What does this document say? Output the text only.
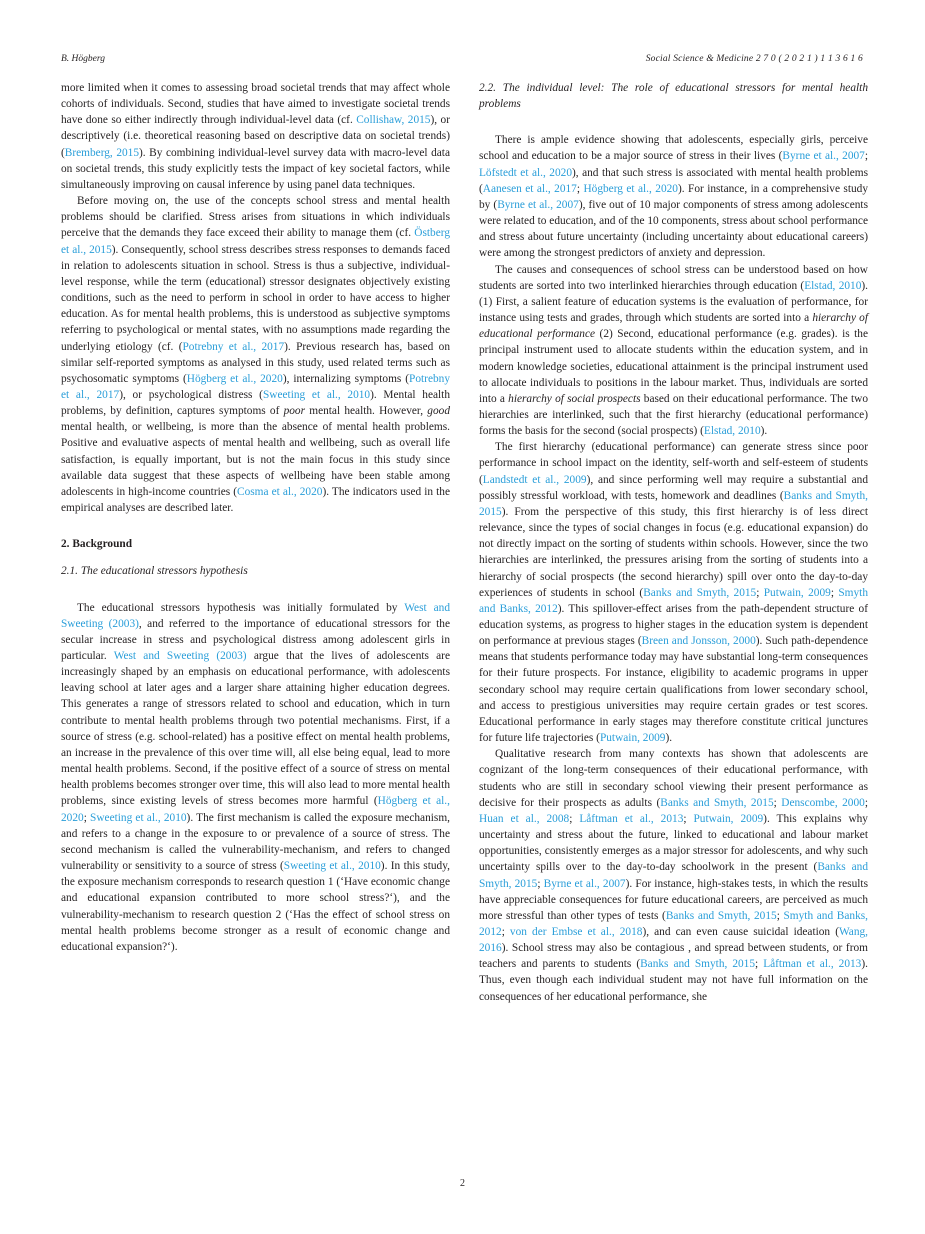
B. Högberg	Social Science & Medicine 2 7 0 ( 2 0 2 1 ) 1 1 3 6 1 6

more limited when it comes to assessing broad societal trends that may affect whole cohorts of individuals. Second, studies that have aimed to investigate societal trends have done so either indirectly through individual-level data (cf. Collishaw, 2015), or descriptively (i.e. theoretical reasoning based on descriptive data on societal trends) (Bremberg, 2015). By combining individual-level survey data with macro-level data on societal trends, this study explicitly tests the impact of key societal factors, while simultaneously improving on causal inference by using panel data techniques.

Before moving on, the use of the concepts school stress and mental health problems should be clarified. Stress arises from situations in which individuals perceive that the demands they face exceed their ability to manage them (cf. Östberg et al., 2015). Consequently, school stress describes stress responses to demands faced in relation to adolescents situation in school. Stress is thus a subjective, individual-level response, while the term (educational) stressor designates objectively existing conditions, such as the need to perform in school in order to have access to higher education. As for mental health problems, this is understood as subjective symptoms referring to psychological or mental states, with no assumptions made regarding the underlying etiology (cf. (Potrebny et al., 2017). Previous research has, based on similar self-reported symptoms as analysed in this study, used related terms such as psychosomatic symptoms (Högberg et al., 2020), internalizing symptoms (Potrebny et al., 2017), or psychological distress (Sweeting et al., 2010). Mental health problems, by definition, captures symptoms of poor mental health. However, good mental health, or wellbeing, is more than the absence of mental health problems. Positive and evaluative aspects of mental health and wellbeing, such as overall life satisfaction, is equally important, but is not the main focus in this study since available data suggest that these aspects of wellbeing have been stable among adolescents in high-income countries (Cosma et al., 2020). The indicators used in the empirical analyses are described later.

2. Background
2.1. The educational stressors hypothesis

The educational stressors hypothesis was initially formulated by West and Sweeting (2003), and referred to the importance of educational stressors for the secular increase in stress and psychological distress among adolescent girls in particular. West and Sweeting (2003) argue that the lives of adolescents are increasingly shaped by an emphasis on educational performance, with adolescents leaving school at later ages and a larger share attaining higher education degrees. This generates a range of stressors related to school and education, which in turn contribute to mental health problems through two potential mechanisms. First, if a source of stress (e.g. school-related) has a positive effect on mental health problems, an increase in the prevalence of this over time will, all else being equal, lead to more mental health problems. Second, if the positive effect of a source of stress on mental health problems becomes stronger over time, this will also lead to more mental health problems, since existing levels of stress becomes more harmful (Högberg et al., 2020; Sweeting et al., 2010). The first mechanism is called the exposure mechanism, and refers to a change in the exposure to or prevalence of a source of stress. The second mechanism is called the vulnerability-mechanism, and refers to changed vulnerability or sensitivity to a source of stress (Sweeting et al., 2010). In this study, the exposure mechanism corresponds to research question 1 (‘Have economic change and educational expansion contributed to more school stress?‘), and the vulnerability-mechanism to research question 2 (‘Has the effect of school stress on mental health problems become stronger as a result of economic change and educational expansion?‘).

2.2. The individual level: The role of educational stressors for mental health problems

There is ample evidence showing that adolescents, especially girls, perceive school and education to be a major source of stress in their lives (Byrne et al., 2007; Löfstedt et al., 2020), and that such stress is associated with mental health problems (Aanesen et al., 2017; Högberg et al., 2020). For instance, in a comprehensive study by (Byrne et al., 2007), five out of 10 major components of stress among adolescents were related to education, and of the 10 components, stress about school performance and stress about future uncertainty (including uncertainty about educational careers) were among the strongest predictors of anxiety and depression.

The causes and consequences of school stress can be understood based on how students are sorted into two interlinked hierarchies through education (Elstad, 2010). (1) First, a salient feature of education systems is the evaluation of performance, for instance using tests and grades, through which students are sorted into a hierarchy of educational performance (2) Second, educational performance (e.g. grades). is the principal instrument used to allocate students within the education system, and in modern knowledge societies, educational attainment is the principal instrument used to allocate individuals to positions in the labour market. Thus, individuals are sorted into a hierarchy of social prospects based on their educational performance. The two hierarchies are interlinked, such that the first hierarchy (educational performance) forms the basis for the second (social prospects) (Elstad, 2010).

The first hierarchy (educational performance) can generate stress since poor performance in school impact on the identity, self-worth and self-esteem of students (Landstedt et al., 2009), and since performing well may require a substantial and possibly stressful workload, with tests, homework and deadlines (Banks and Smyth, 2015). From the perspective of this study, this first hierarchy is of less direct relevance, since the types of social changes in focus (e.g. educational expansion) do not directly impact on the sorting of students within schools. However, since the two hierarchies are interlinked, the pressures arising from the sorting of students into a hierarchy of social prospects (the second hierarchy) spill over onto the day-to-day experiences of students in school (Banks and Smyth, 2015; Putwain, 2009; Smyth and Banks, 2012). This spillover-effect arises from the path-dependent structure of education systems, as progress to higher stages in the education system is dependent on performance at previous stages (Breen and Jonsson, 2000). Such path-dependence means that students performance today may have substantial long-term consequences for their future prospects. For instance, eligibility to academic programs in upper secondary school may require certain qualifications from lower secondary school, and access to prestigious universities may require certain grades or test scores. Educational performance in early stages may therefore constitute critical junctures for future life trajectories (Putwain, 2009).

Qualitative research from many contexts has shown that adolescents are cognizant of the long-term consequences of their educational performance, with students who are still in secondary school viewing their present performance as decisive for their prospects as adults (Banks and Smyth, 2015; Denscombe, 2000; Huan et al., 2008; Låftman et al., 2013; Putwain, 2009). This explains why uncertainty and stress about the future, linked to educational and labour market opportunities, consistently emerges as a major stressor for adolescents, and why such uncertainty spills over to the day-to-day schoolwork in the present (Banks and Smyth, 2015; Byrne et al., 2007). For instance, high-stakes tests, in which the results have appreciable consequences for future educational careers, are perceived as much more stressful than other types of tests (Banks and Smyth, 2015; Smyth and Banks, 2012; von der Embse et al., 2018), and can even cause suicidal ideation (Wang, 2016). School stress may also be contagious , and spread between students, or from teachers and parents to students (Banks and Smyth, 2015; Låftman et al., 2013). Thus, even though each individual student may not have full information on the consequences of her educational performance, she

2
